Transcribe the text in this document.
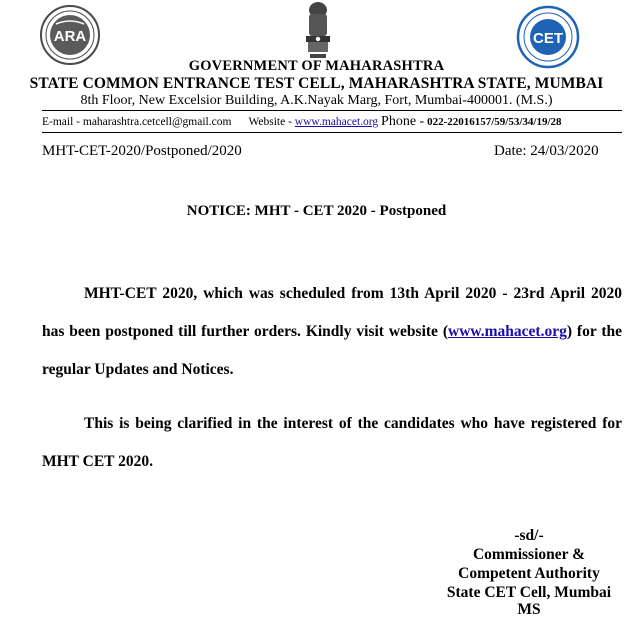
ARA	CET
GOVERNMENT OF MAHARASHTRA
STATE COMMON ENTRANCE TEST CELL, MAHARASHTRA STATE, MUMBAI
8th Floor, New Excelsior Building, A.K.Nayak Marg, Fort, Mumbai-400001. (M.S.)
E-mail - maharashtra.cetcell@gmail.com Website - www.mahacet.org Phone - 022-22016157/59/53/34/19/28
MHT-CET-2020/Postponed/2020	Date: 24/03/2020
NOTICE: MHT - CET 2020 - Postponed
MHT-CET 2020, which was scheduled from 13th April 2020 - 23rd April 2020 has been postponed till further orders. Kindly visit website (www.mahacet.org) for the regular Updates and Notices.
This is being clarified in the interest of the candidates who have registered for MHT CET 2020.
-sd/-
Commissioner &
Competent Authority
State CET Cell, Mumbai
MS
